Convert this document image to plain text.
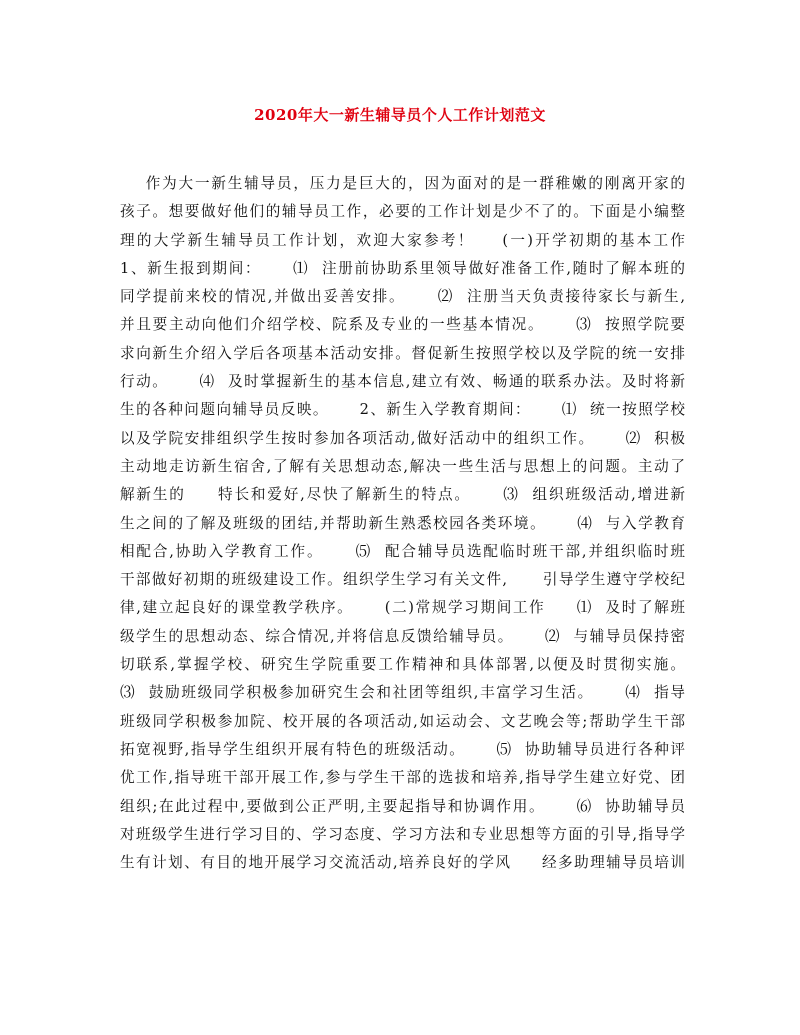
2020年大一新生辅导员个人工作计划范文
作为大一新生辅导员，压力是巨大的，因为面对的是一群稚嫩的刚离开家的
孩子。想要做好他们的辅导员工作，必要的工作计划是少不了的。下面是小编整
理的大学新生辅导员工作计划，欢迎大家参考！    (一)开学初期的基本工作
1、新生报到期间：     ⑴  注册前协助系里领导做好准备工作,随时了解本班的
同学提前来校的情况,并做出妥善安排。     ⑵  注册当天负责接待家长与新生,
并且要主动向他们介绍学校、院系及专业的一些基本情况。     ⑶  按照学院要
求向新生介绍入学后各项基本活动安排。督促新生按照学校以及学院的统一安排
行动。     ⑷  及时掌握新生的基本信息,建立有效、畅通的联系办法。及时将新
生的各种问题向辅导员反映。     2、新生入学教育期间：     ⑴  统一按照学校
以及学院安排组织学生按时参加各项活动,做好活动中的组织工作。     ⑵  积极
主动地走访新生宿舍,了解有关思想动态,解决一些生活与思想上的问题。主动了
解新生的     特长和爱好,尽快了解新生的特点。     ⑶  组织班级活动,增进新
生之间的了解及班级的团结,并帮助新生熟悉校园各类环境。     ⑷  与入学教育
相配合,协助入学教育工作。     ⑸  配合辅导员选配临时班干部,并组织临时班
干部做好初期的班级建设工作。组织学生学习有关文件,      引导学生遵守学校纪
律,建立起良好的课堂教学秩序。     (二)常规学习期间工作     ⑴  及时了解班
级学生的思想动态、综合情况,并将信息反馈给辅导员。     ⑵  与辅导员保持密
切联系,掌握学校、研究生学院重要工作精神和具体部署,以便及时贯彻实施。
⑶  鼓励班级同学积极参加研究生会和社团等组织,丰富学习生活。     ⑷  指导
班级同学积极参加院、校开展的各项活动,如运动会、文艺晚会等;帮助学生干部
拓宽视野,指导学生组织开展有特色的班级活动。     ⑸  协助辅导员进行各种评
优工作,指导班干部开展工作,参与学生干部的选拔和培养,指导学生建立好党、团
组织;在此过程中,要做到公正严明,主要起指导和协调作用。     ⑹  协助辅导员
对班级学生进行学习目的、学习态度、学习方法和专业思想等方面的引导,指导学
生有计划、有目的地开展学习交流活动,培养良好的学风     经多助理辅导员培训
